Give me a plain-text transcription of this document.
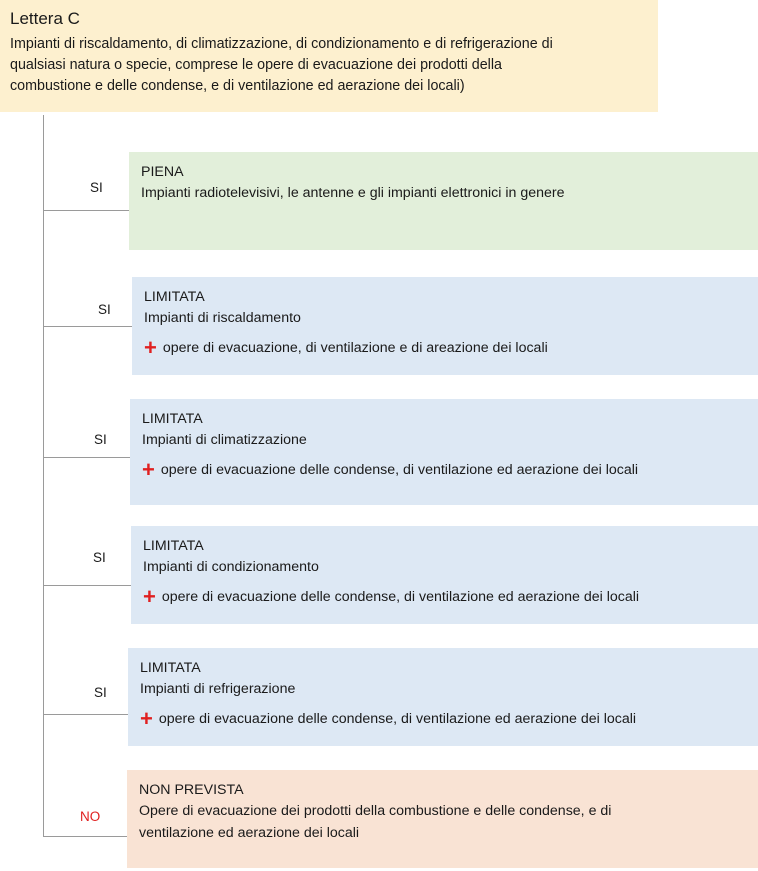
Lettera C
Impianti di riscaldamento, di climatizzazione, di condizionamento e di refrigerazione di
qualsiasi natura o specie, comprese le opere di evacuazione dei prodotti della
combustione e delle condense, e di ventilazione ed aerazione dei locali)
SI
PIENA
Impianti radiotelevisivi, le antenne e gli impianti elettronici in genere
SI
LIMITATA
Impianti di riscaldamento
+ opere di evacuazione, di ventilazione e di areazione dei locali
SI
LIMITATA
Impianti di climatizzazione
+ opere di evacuazione delle condense, di ventilazione ed aerazione dei locali
SI
LIMITATA
Impianti di condizionamento
+ opere di evacuazione delle condense, di ventilazione ed aerazione dei locali
SI
LIMITATA
Impianti di refrigerazione
+ opere di evacuazione delle condense, di ventilazione ed aerazione dei locali
NO
NON PREVISTA
Opere di evacuazione dei prodotti della combustione e delle condense, e di
ventilazione ed aerazione dei locali
